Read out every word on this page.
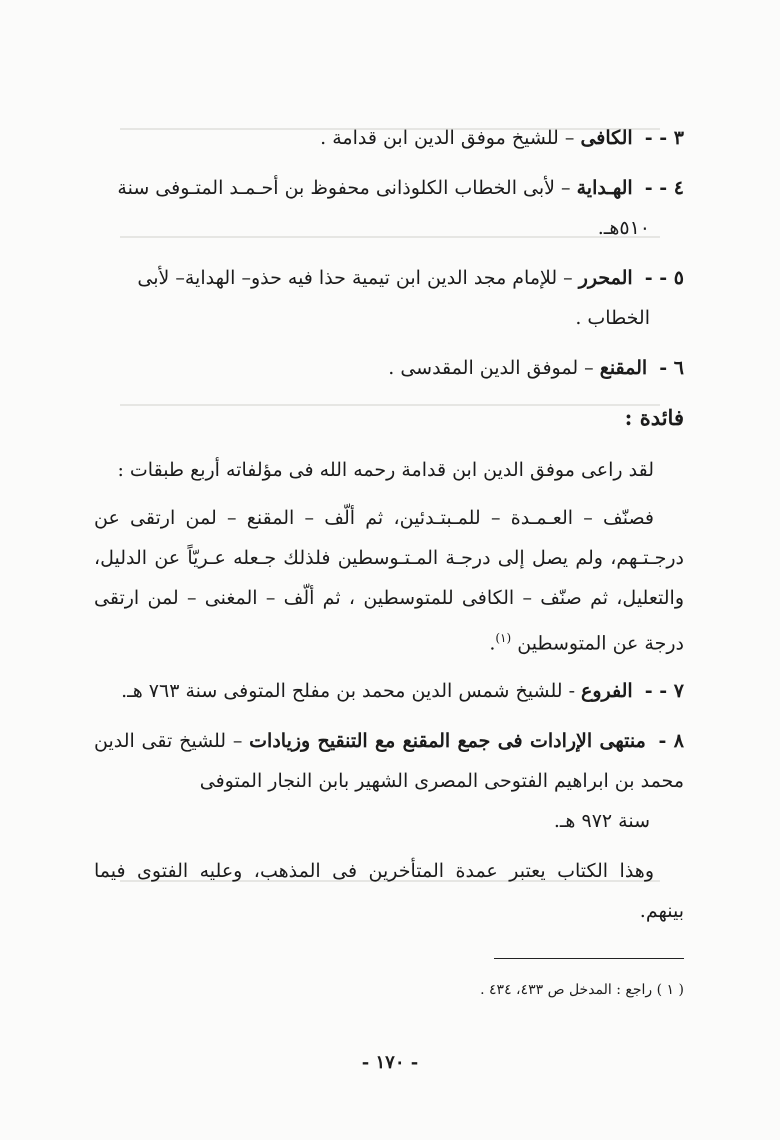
٣ - - الكافى – للشيخ موفق الدين ابن قدامة .
٤ - - الهـداية – لأبى الخطاب الكلوذانى محفوظ بن أحـمـد المتـوفى سنة
٥١٠هـ.
٥ - - المحرر – للإمام مجد الدين ابن تيمية حذا فيه حذو– الهداية– لأبى
الخطاب .
٦ - المقنع – لموفق الدين المقدسى .
فائدة :
لقد راعى موفق الدين ابن قدامة رحمه الله فى مؤلفاته أربع طبقات :
فصنّف – العـمـدة – للمـبتـدئين، ثم ألّف – المقنع – لمن ارتقى عن درجـتـهم، ولم يصل إلى درجـة المـتـوسطين فلذلك جـعله عـريّاً عن الدليل، والتعليل، ثم صنّف – الكافى للمتوسطين ، ثم ألّف – المغنى – لمن ارتقى درجة عن المتوسطين $^{(١)}$.
٧ - - الفروع - للشيخ شمس الدين محمد بن مفلح المتوفى سنة ٧٦٣ هـ.
٨ - منتهى الإرادات فى جمع المقنع مع التنقيح وزيادات – للشيخ تقى الدين محمد بن ابراهيم الفتوحى المصرى الشهير بابن النجار المتوفى
سنة ٩٧٢ هـ.
وهذا الكتاب يعتبر عمدة المتأخرين فى المذهب، وعليه الفتوى فيما بينهم.
( ١ ) راجع : المدخل ص ٤٣٣، ٤٣٤ .
- ١٧٠ -
